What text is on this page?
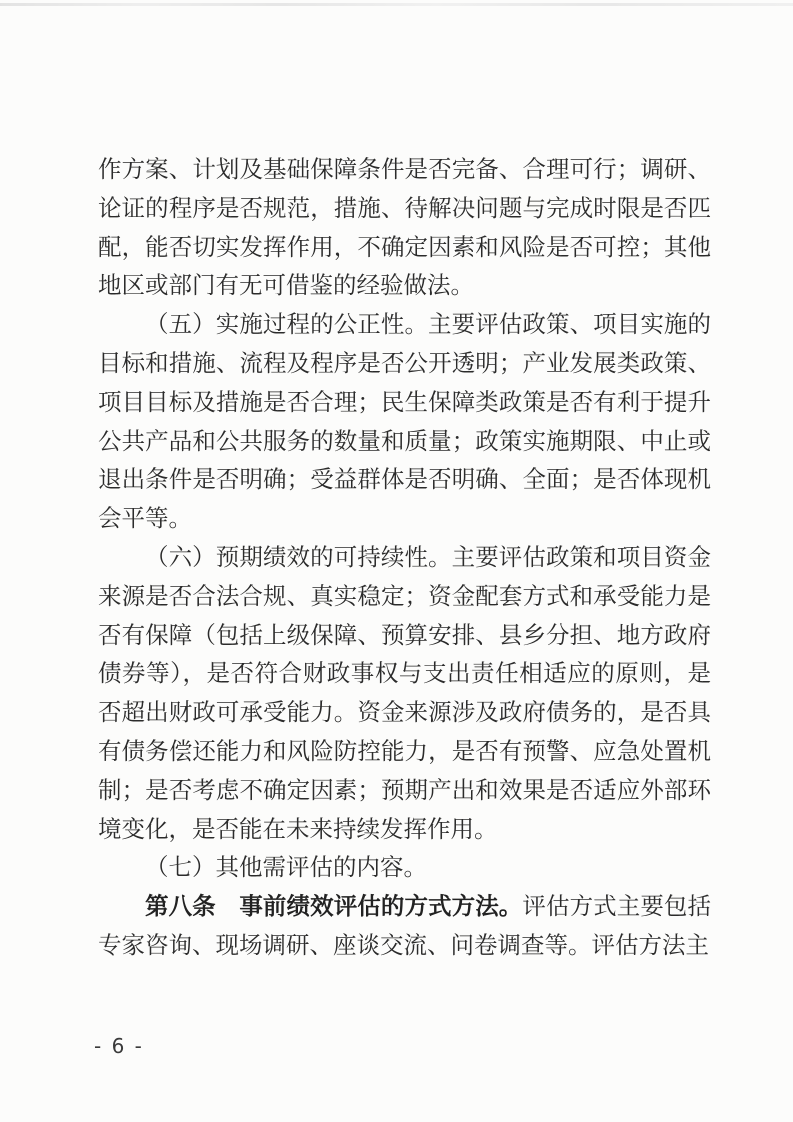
作方案、计划及基础保障条件是否完备、合理可行；调研、论证的程序是否规范，措施、待解决问题与完成时限是否匹配，能否切实发挥作用，不确定因素和风险是否可控；其他地区或部门有无可借鉴的经验做法。

（五）实施过程的公正性。主要评估政策、项目实施的目标和措施、流程及程序是否公开透明；产业发展类政策、项目目标及措施是否合理；民生保障类政策是否有利于提升公共产品和公共服务的数量和质量；政策实施期限、中止或退出条件是否明确；受益群体是否明确、全面；是否体现机会平等。

（六）预期绩效的可持续性。主要评估政策和项目资金来源是否合法合规、真实稳定；资金配套方式和承受能力是否有保障（包括上级保障、预算安排、县乡分担、地方政府债券等），是否符合财政事权与支出责任相适应的原则，是否超出财政可承受能力。资金来源涉及政府债务的，是否具有债务偿还能力和风险防控能力，是否有预警、应急处置机制；是否考虑不确定因素；预期产出和效果是否适应外部环境变化，是否能在未来持续发挥作用。

（七）其他需评估的内容。

第八条　事前绩效评估的方式方法。评估方式主要包括专家咨询、现场调研、座谈交流、问卷调查等。评估方法主

- 6 -
